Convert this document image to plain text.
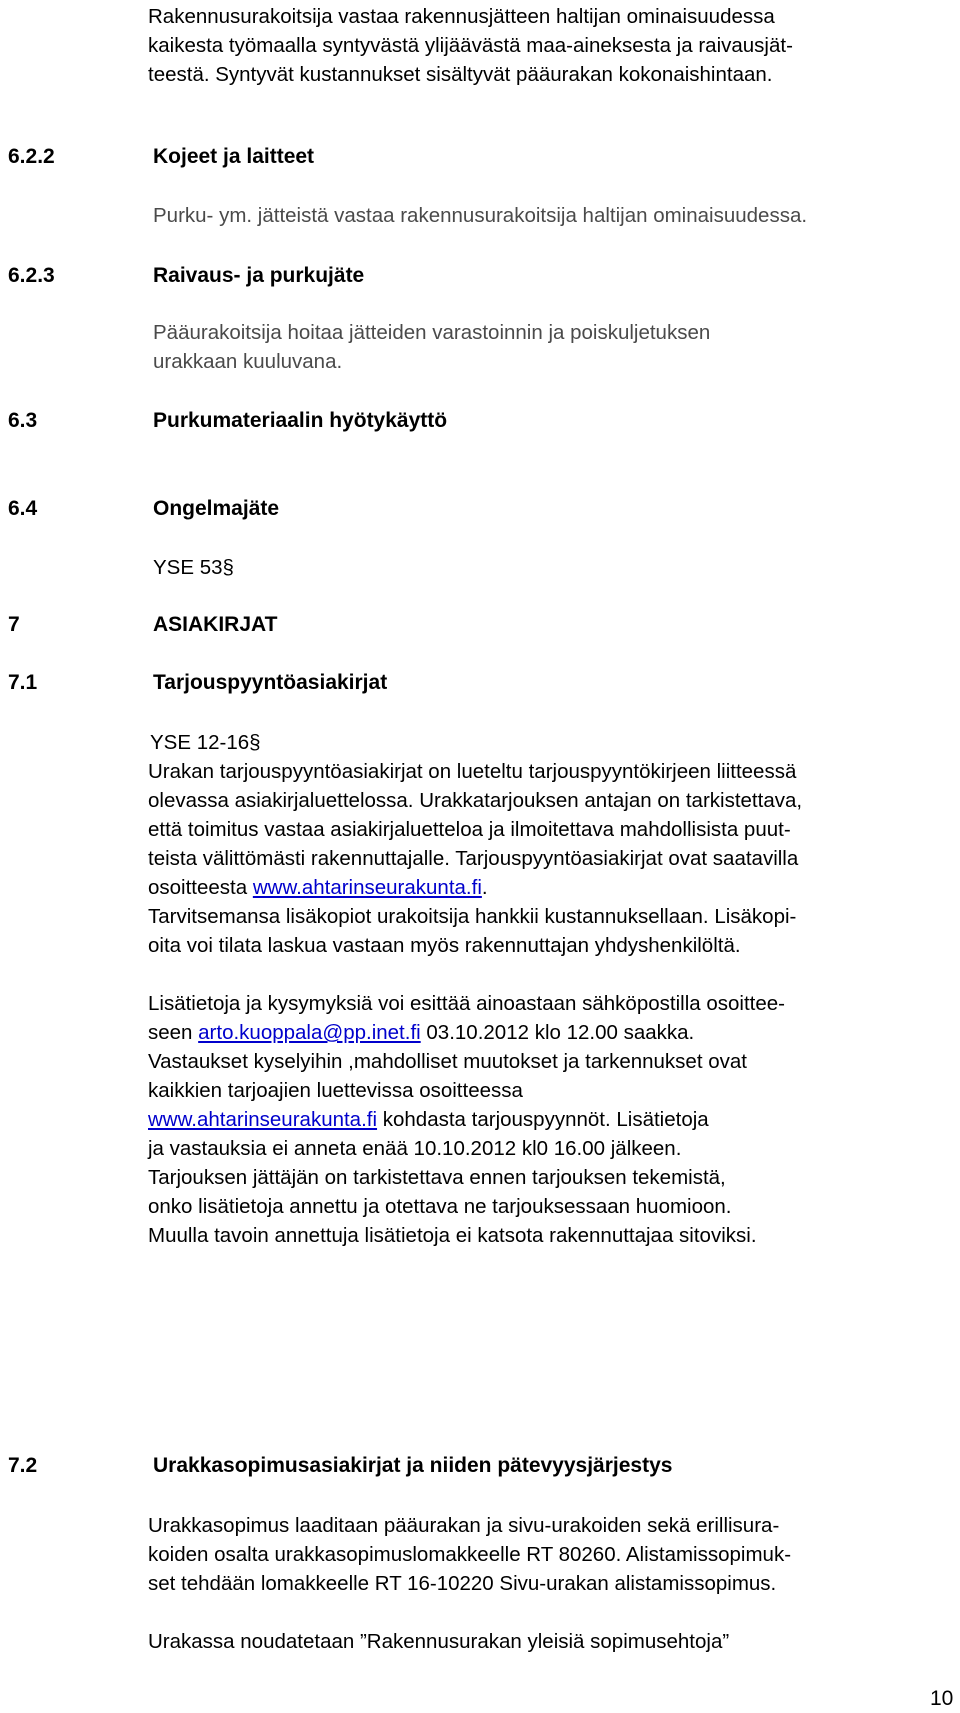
Rakennusurakoitsija vastaa rakennusjätteen haltijan ominaisuudessa
kaikesta työmaalla syntyvästä ylijäävästä maa-aineksesta ja raivausjät-
teestä. Syntyvät kustannukset sisältyvät pääurakan kokonaishintaan.
6.2.2	Kojeet ja laitteet
Purku- ym. jätteistä vastaa rakennusurakoitsija haltijan ominaisuudessa.
6.2.3	Raivaus- ja purkujäte
Pääurakoitsija hoitaa jätteiden varastoinnin ja poiskuljetuksen
urakkaan kuuluvana.
6.3	Purkumateriaalin hyötykäyttö
6.4	Ongelmajäte
YSE 53§
7	ASIAKIRJAT
7.1	Tarjouspyyntöasiakirjat
YSE 12-16§
Urakan tarjouspyyntöasiakirjat on lueteltu tarjouspyyntökirjeen liitteessä
olevassa asiakirjaluettelossa. Urakkatarjouksen antajan on tarkistettava,
että toimitus vastaa asiakirjaluetteloa ja ilmoitettava mahdollisista puut-
teista välittömästi rakennuttajalle. Tarjouspyyntöasiakirjat ovat saatavilla
osoitteesta www.ahtarinseurakunta.fi.
Tarvitsemansa lisäkopiot urakoitsija hankkii kustannuksellaan. Lisäkopi-
oita voi tilata laskua vastaan myös rakennuttajan yhdyshenkilöltä.
Lisätietoja ja kysymyksiä voi esittää ainoastaan sähköpostilla osoittee-
seen arto.kuoppala@pp.inet.fi 03.10.2012 klo 12.00 saakka.
Vastaukset kyselyihin ,mahdolliset muutokset ja tarkennukset ovat
kaikkien tarjoajien luettevissa osoitteessa
www.ahtarinseurakunta.fi kohdasta tarjouspyynnöt. Lisätietoja
ja vastauksia ei anneta enää 10.10.2012 kl0 16.00 jälkeen.
Tarjouksen jättäjän on tarkistettava ennen tarjouksen tekemistä,
onko lisätietoja annettu ja otettava ne tarjouksessaan huomioon.
Muulla tavoin annettuja lisätietoja ei katsota rakennuttajaa sitoviksi.
7.2	Urakkasopimusasiakirjat ja niiden pätevyysjärjestys
Urakkasopimus laaditaan pääurakan ja sivu-urakoiden sekä erillisura-
koiden osalta urakkasopimuslomakkeelle RT 80260. Alistamissopimuk-
set tehdään lomakkeelle RT 16-10220 Sivu-urakan alistamissopimus.
Urakassa noudatetaan ”Rakennusurakan yleisiä sopimusehtoja”
10
